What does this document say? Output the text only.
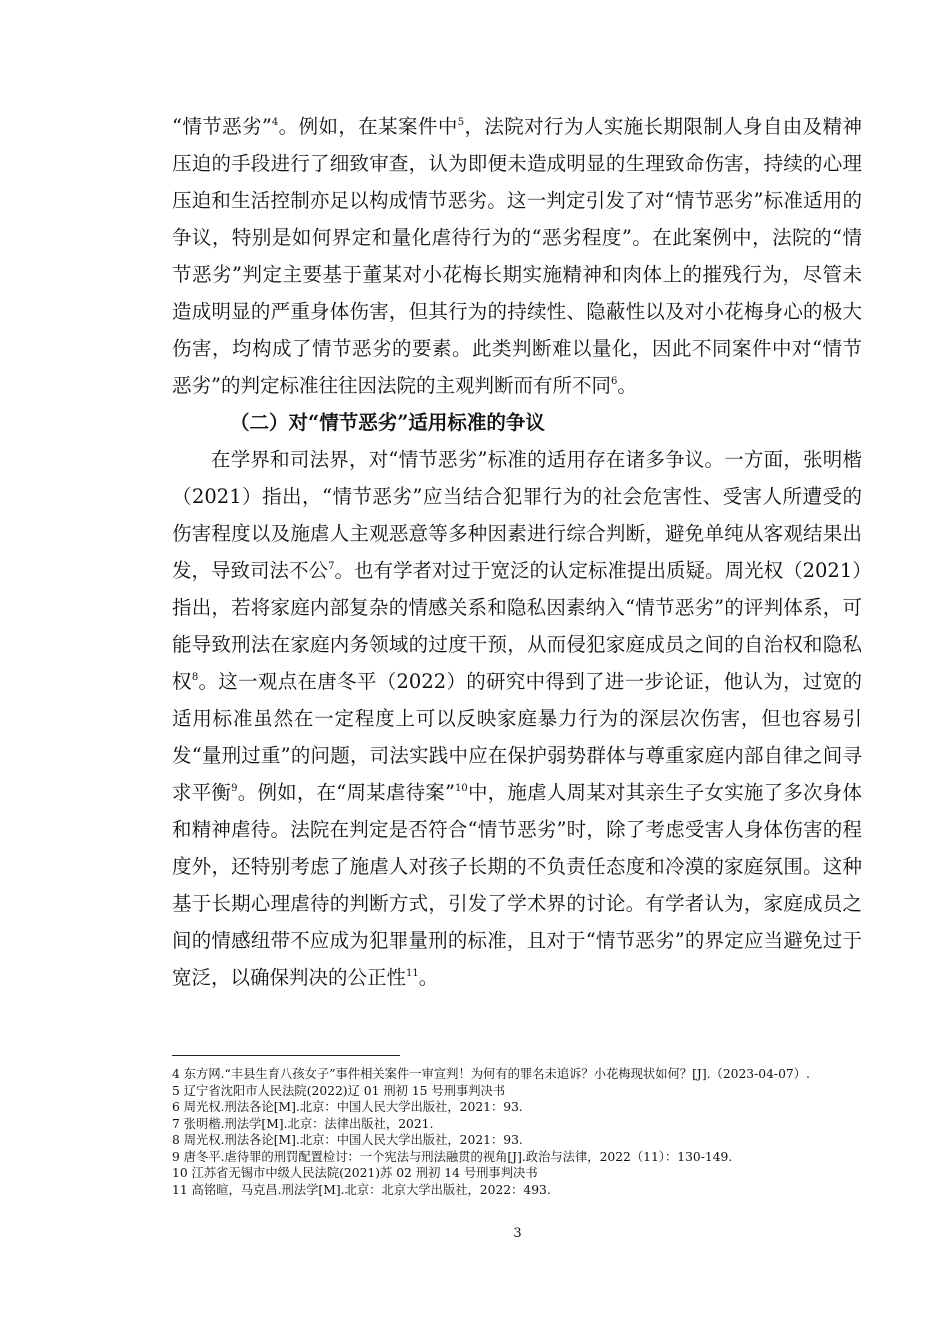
“情节恶劣”$^4$。例如，在某案件中$^5$，法院对行为人实施长期限制人身自由及精神压迫的手段进行了细致审查，认为即便未造成明显的生理致命伤害，持续的心理压迫和生活控制亦足以构成情节恶劣。这一判定引发了对“情节恶劣”标准适用的争议，特别是如何界定和量化虐待行为的“恶劣程度”。在此案例中，法院的“情节恶劣”判定主要基于董某对小花梅长期实施精神和肉体上的摧残行为，尽管未造成明显的严重身体伤害，但其行为的持续性、隐蔽性以及对小花梅身心的极大伤害，均构成了情节恶劣的要素。此类判断难以量化，因此不同案件中对“情节恶劣”的判定标准往往因法院的主观判断而有所不同$^6$。

（二）对“情节恶劣”适用标准的争议

在学界和司法界，对“情节恶劣”标准的适用存在诸多争议。一方面，张明楷（2021）指出，“情节恶劣”应当结合犯罪行为的社会危害性、受害人所遭受的伤害程度以及施虐人主观恶意等多种因素进行综合判断，避免单纯从客观结果出发，导致司法不公$^7$。也有学者对过于宽泛的认定标准提出质疑。周光权（2021）指出，若将家庭内部复杂的情感关系和隐私因素纳入“情节恶劣”的评判体系，可能导致刑法在家庭内务领域的过度干预，从而侵犯家庭成员之间的自治权和隐私权$^8$。这一观点在唐冬平（2022）的研究中得到了进一步论证，他认为，过宽的适用标准虽然在一定程度上可以反映家庭暴力行为的深层次伤害，但也容易引发“量刑过重”的问题，司法实践中应在保护弱势群体与尊重家庭内部自律之间寻求平衡$^9$。例如，在“周某虐待案”$^{10}$中，施虐人周某对其亲生子女实施了多次身体和精神虐待。法院在判定是否符合“情节恶劣”时，除了考虑受害人身体伤害的程度外，还特别考虑了施虐人对孩子长期的不负责任态度和冷漠的家庭氛围。这种基于长期心理虐待的判断方式，引发了学术界的讨论。有学者认为，家庭成员之间的情感纽带不应成为犯罪量刑的标准，且对于“情节恶劣”的界定应当避免过于宽泛，以确保判决的公正性$^{11}$。

4 东方网.“丰县生育八孩女子”事件相关案件一审宣判！为何有的罪名未追诉？小花梅现状如何？[J].（2023-04-07）.

5 辽宁省沈阳市人民法院(2022)辽 01 刑初 15 号刑事判决书

6 周光权.刑法各论[M].北京：中国人民大学出版社，2021：93.

7 张明楷.刑法学[M].北京：法律出版社，2021.

8 周光权.刑法各论[M].北京：中国人民大学出版社，2021：93.

9 唐冬平.虐待罪的刑罚配置检讨：一个宪法与刑法融贯的视角[J].政治与法律，2022（11）：130-149.

10 江苏省无锡市中级人民法院(2021)苏 02 刑初 14 号刑事判决书

11 高铭暄，马克昌.刑法学[M].北京：北京大学出版社，2022：493.

3
